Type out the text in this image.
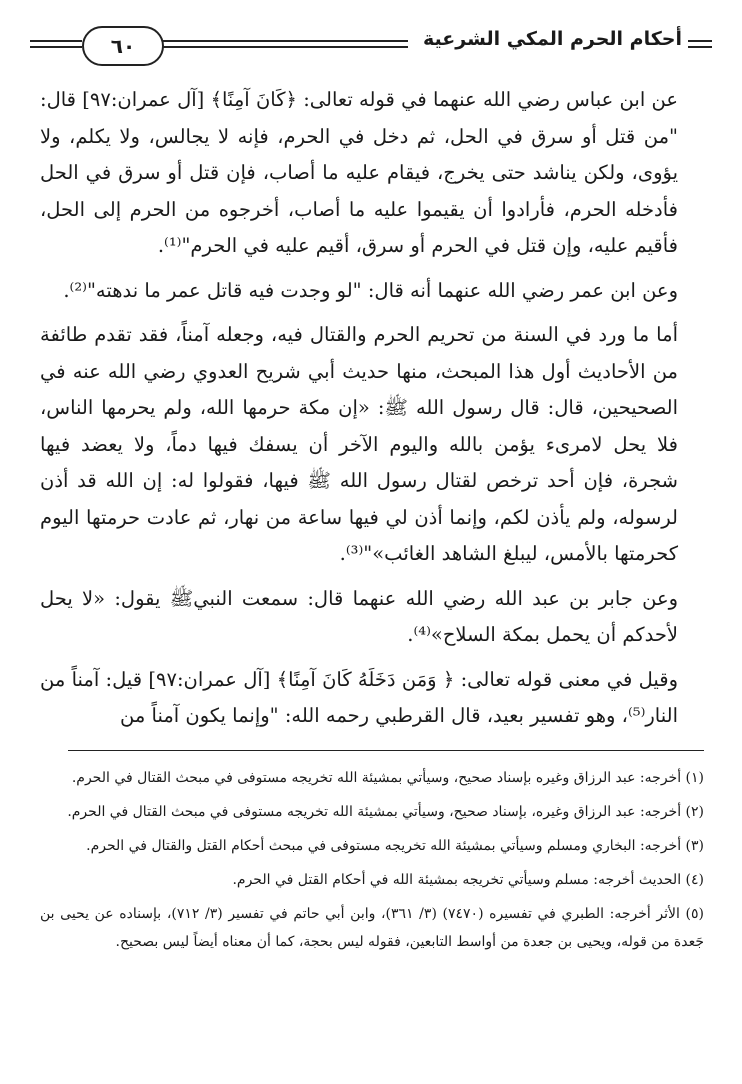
أحكام الحرم المكي الشرعية
٦٠

عن ابن عباس رضي الله عنهما في قوله تعالى: ﴿كَانَ آمِنًا﴾ [آل عمران:٩٧] قال: "من قتل أو سرق في الحل، ثم دخل في الحرم، فإنه لا يجالس، ولا يكلم، ولا يؤوى، ولكن يناشد حتى يخرج، فيقام عليه ما أصاب، فإن قتل أو سرق في الحل فأدخله الحرم، فأرادوا أن يقيموا عليه ما أصاب، أخرجوه من الحرم إلى الحل، فأقيم عليه، وإن قتل في الحرم أو سرق، أقيم عليه في الحرم"⁽¹⁾.

وعن ابن عمر رضي الله عنهما أنه قال: "لو وجدت فيه قاتل عمر ما ندهته"⁽²⁾.

أما ما ورد في السنة من تحريم الحرم والقتال فيه، وجعله آمناً، فقد تقدم طائفة من الأحاديث أول هذا المبحث، منها حديث أبي شريح العدوي رضي الله عنه في الصحيحين، قال: قال رسول الله ﷺ: «إن مكة حرمها الله، ولم يحرمها الناس، فلا يحل لامرىء يؤمن بالله واليوم الآخر أن يسفك فيها دماً، ولا يعضد فيها شجرة، فإن أحد ترخص لقتال رسول الله ﷺ فيها، فقولوا له: إن الله قد أذن لرسوله، ولم يأذن لكم، وإنما أذن لي فيها ساعة من نهار، ثم عادت حرمتها اليوم كحرمتها بالأمس، ليبلغ الشاهد الغائب»"⁽³⁾.

وعن جابر بن عبد الله رضي الله عنهما قال: سمعت النبيﷺ يقول: «لا يحل لأحدكم أن يحمل بمكة السلاح»⁽⁴⁾.

وقيل في معنى قوله تعالى: ﴿ وَمَن دَخَلَهُ كَانَ آمِنًا﴾ [آل عمران:٩٧] قيل: آمناً من النار⁽⁵⁾، وهو تفسير بعيد، قال القرطبي رحمه الله: "وإنما يكون آمناً من

(١) أخرجه: عبد الرزاق وغيره بإسناد صحيح، وسيأتي بمشيئة الله تخريجه مستوفى في مبحث القتال في الحرم.

(٢) أخرجه: عبد الرزاق وغيره، بإسناد صحيح، وسيأتي بمشيئة الله تخريجه مستوفى في مبحث القتال في الحرم.

(٣) أخرجه: البخاري ومسلم وسيأتي بمشيئة الله تخريجه مستوفى في مبحث أحكام القتل والقتال في الحرم.

(٤) الحديث أخرجه: مسلم وسيأتي تخريجه بمشيئة الله في أحكام القتل في الحرم.

(٥) الأثر أخرجه: الطبري في تفسيره (٧٤٧٠) (٣/ ٣٦١)، وابن أبي حاتم في تفسير (٣/ ٧١٢)، بإسناده عن يحيى بن جَعدة من قوله، ويحيى بن جعدة من أواسط التابعين، فقوله ليس بحجة، كما أن معناه أيضاً ليس بصحيح.
